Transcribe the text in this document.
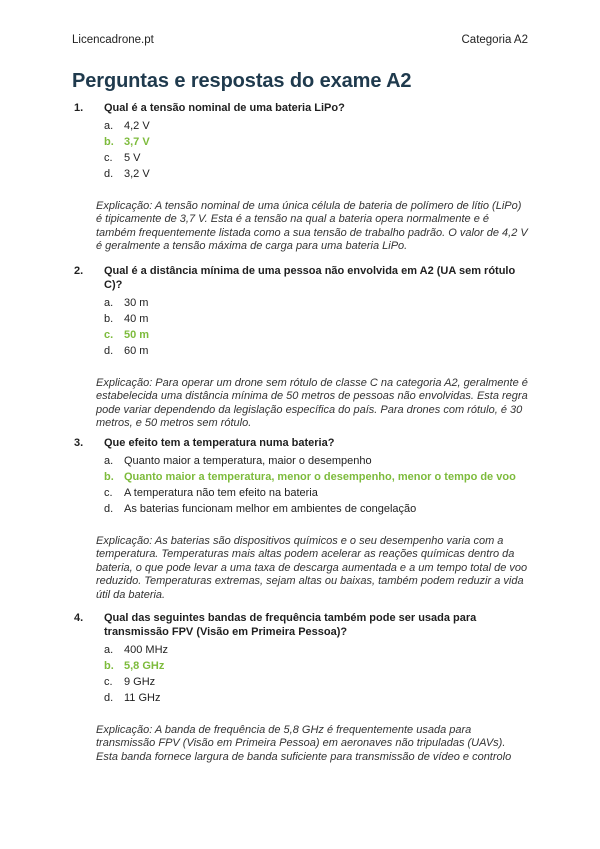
Licencadrone.pt	Categoria A2
Perguntas e respostas do exame A2
1. Qual é a tensão nominal de uma bateria LiPo?
a. 4,2 V
b. 3,7 V
c. 5 V
d. 3,2 V

Explicação: A tensão nominal de uma única célula de bateria de polímero de lítio (LiPo) é tipicamente de 3,7 V. Esta é a tensão na qual a bateria opera normalmente e é também frequentemente listada como a sua tensão de trabalho padrão. O valor de 4,2 V é geralmente a tensão máxima de carga para uma bateria LiPo.

2. Qual é a distância mínima de uma pessoa não envolvida em A2 (UA sem rótulo C)?
a. 30 m
b. 40 m
c. 50 m
d. 60 m

Explicação: Para operar um drone sem rótulo de classe C na categoria A2, geralmente é estabelecida uma distância mínima de 50 metros de pessoas não envolvidas. Esta regra pode variar dependendo da legislação específica do país. Para drones com rótulo, é 30 metros, e 50 metros sem rótulo.

3. Que efeito tem a temperatura numa bateria?
a. Quanto maior a temperatura, maior o desempenho
b. Quanto maior a temperatura, menor o desempenho, menor o tempo de voo
c. A temperatura não tem efeito na bateria
d. As baterias funcionam melhor em ambientes de congelação

Explicação: As baterias são dispositivos químicos e o seu desempenho varia com a temperatura. Temperaturas mais altas podem acelerar as reações químicas dentro da bateria, o que pode levar a uma taxa de descarga aumentada e a um tempo total de voo reduzido. Temperaturas extremas, sejam altas ou baixas, também podem reduzir a vida útil da bateria.

4. Qual das seguintes bandas de frequência também pode ser usada para transmissão FPV (Visão em Primeira Pessoa)?
a. 400 MHz
b. 5,8 GHz
c. 9 GHz
d. 11 GHz

Explicação: A banda de frequência de 5,8 GHz é frequentemente usada para transmissão FPV (Visão em Primeira Pessoa) em aeronaves não tripuladas (UAVs). Esta banda fornece largura de banda suficiente para transmissão de vídeo e controlo
